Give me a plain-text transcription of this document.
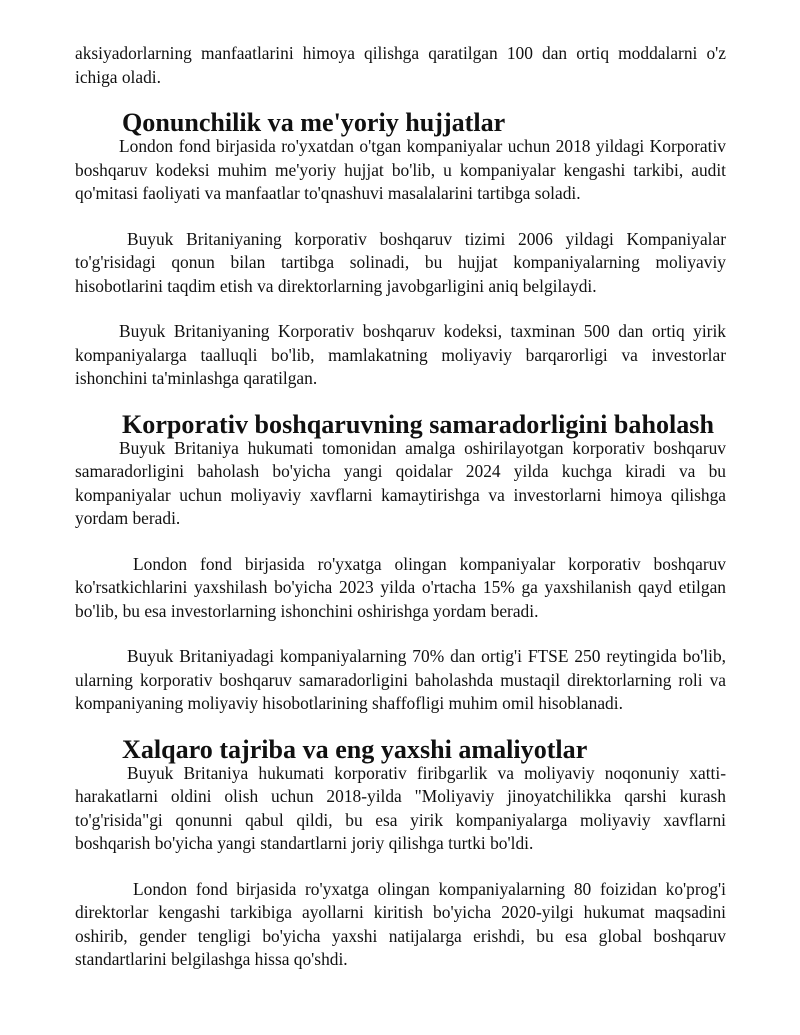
aksiyadorlarning manfaatlarini himoya qilishga qaratilgan 100 dan ortiq moddalarni o'z ichiga oladi.

Qonunchilik va me'yoriy hujjatlar

London fond birjasida ro'yxatdan o'tgan kompaniyalar uchun 2018 yildagi Korporativ boshqaruv kodeksi muhim me'yoriy hujjat bo'lib, u kompaniyalar kengashi tarkibi, audit qo'mitasi faoliyati va manfaatlar to'qnashuvi masalalarini tartibga soladi.

Buyuk Britaniyaning korporativ boshqaruv tizimi 2006 yildagi Kompaniyalar to'g'risidagi qonun bilan tartibga solinadi, bu hujjat kompaniyalarning moliyaviy hisobotlarini taqdim etish va direktorlarning javobgarligini aniq belgilaydi.

Buyuk Britaniyaning Korporativ boshqaruv kodeksi, taxminan 500 dan ortiq yirik kompaniyalarga taalluqli bo'lib, mamlakatning moliyaviy barqarorligi va investorlar ishonchini ta'minlashga qaratilgan.

Korporativ boshqaruvning samaradorligini baholash

Buyuk Britaniya hukumati tomonidan amalga oshirilayotgan korporativ boshqaruv samaradorligini baholash bo'yicha yangi qoidalar 2024 yilda kuchga kiradi va bu kompaniyalar uchun moliyaviy xavflarni kamaytirishga va investorlarni himoya qilishga yordam beradi.

London fond birjasida ro'yxatga olingan kompaniyalar korporativ boshqaruv ko'rsatkichlarini yaxshilash bo'yicha 2023 yilda o'rtacha 15% ga yaxshilanish qayd etilgan bo'lib, bu esa investorlarning ishonchini oshirishga yordam beradi.

Buyuk Britaniyadagi kompaniyalarning 70% dan ortig'i FTSE 250 reytingida bo'lib, ularning korporativ boshqaruv samaradorligini baholashda mustaqil direktorlarning roli va kompaniyaning moliyaviy hisobotlarining shaffofligi muhim omil hisoblanadi.

Xalqaro tajriba va eng yaxshi amaliyotlar

Buyuk Britaniya hukumati korporativ firibgarlik va moliyaviy noqonuniy xatti-harakatlarni oldini olish uchun 2018-yilda "Moliyaviy jinoyatchilikka qarshi kurash to'g'risida"gi qonunni qabul qildi, bu esa yirik kompaniyalarga moliyaviy xavflarni boshqarish bo'yicha yangi standartlarni joriy qilishga turtki bo'ldi.

London fond birjasida ro'yxatga olingan kompaniyalarning 80 foizidan ko'prog'i direktorlar kengashi tarkibiga ayollarni kiritish bo'yicha 2020-yilgi hukumat maqsadini oshirib, gender tengligi bo'yicha yaxshi natijalarga erishdi, bu esa global boshqaruv standartlarini belgilashga hissa qo'shdi.
